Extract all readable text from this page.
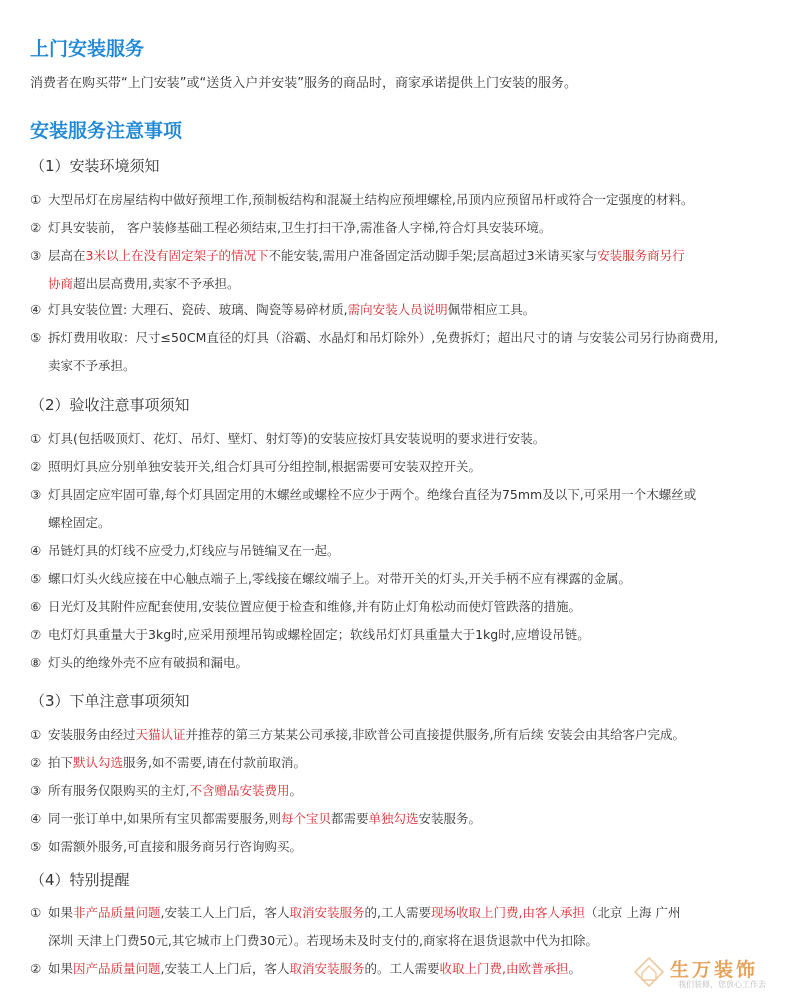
上门安装服务
消费者在购买带“上门安装”或“送货入户并安装”服务的商品时，商家承诺提供上门安装的服务。
安装服务注意事项
（1）安装环境须知
① 大型吊灯在房屋结构中做好预埋工作,预制板结构和混凝土结构应预埋螺栓,吊顶内应预留吊杆或符合一定强度的材料。
② 灯具安装前， 客户装修基础工程必须结束,卫生打扫干净,需准备人字梯,符合灯具安装环境。
③ 层高在3米以上在没有固定架子的情况下不能安装,需用户准备固定活动脚手架;层高超过3米请买家与安装服务商另行
协商超出层高费用,卖家不予承担。
④ 灯具安装位置: 大理石、瓷砖、玻璃、陶瓷等易碎材质,需向安装人员说明佩带相应工具。
⑤ 拆灯费用收取：尺寸≤50CM直径的灯具（浴霸、水晶灯和吊灯除外）,免费拆灯；超出尺寸的请 与安装公司另行协商费用,
卖家不予承担。
（2）验收注意事项须知
① 灯具(包括吸顶灯、花灯、吊灯、壁灯、射灯等)的安装应按灯具安装说明的要求进行安装。
② 照明灯具应分别单独安装开关,组合灯具可分组控制,根据需要可安装双控开关。
③ 灯具固定应牢固可靠,每个灯具固定用的木螺丝或螺栓不应少于两个。绝缘台直径为75mm及以下,可采用一个木螺丝或
螺栓固定。
④ 吊链灯具的灯线不应受力,灯线应与吊链编叉在一起。
⑤ 螺口灯头火线应接在中心触点端子上,零线接在螺纹端子上。对带开关的灯头,开关手柄不应有裸露的金属。
⑥ 日光灯及其附件应配套使用,安装位置应便于检查和维修,并有防止灯角松动而使灯管跌落的措施。
⑦ 电灯灯具重量大于3kg时,应采用预埋吊钩或螺栓固定；软线吊灯灯具重量大于1kg时,应增设吊链。
⑧ 灯头的绝缘外壳不应有破损和漏电。
（3）下单注意事项须知
① 安装服务由经过天猫认证并推荐的第三方某某公司承接,非欧普公司直接提供服务,所有后续 安装会由其给客户完成。
② 拍下默认勾选服务,如不需要,请在付款前取消。
③ 所有服务仅限购买的主灯,不含赠品安装费用。
④ 同一张订单中,如果所有宝贝都需要服务,则每个宝贝都需要单独勾选安装服务。
⑤ 如需额外服务,可直接和服务商另行咨询购买。
（4）特别提醒
① 如果非产品质量问题,安装工人上门后，客人取消安装服务的,工人需要现场收取上门费,由客人承担（北京 上海 广州
深圳 天津上门费50元,其它城市上门费30元）。若现场未及时支付的,商家将在退货退款中代为扣除。
② 如果因产品质量问题,安装工人上门后，客人取消安装服务的。工人需要收取上门费,由欧普承担。	生万装饰
我们装修，您放心工作去
